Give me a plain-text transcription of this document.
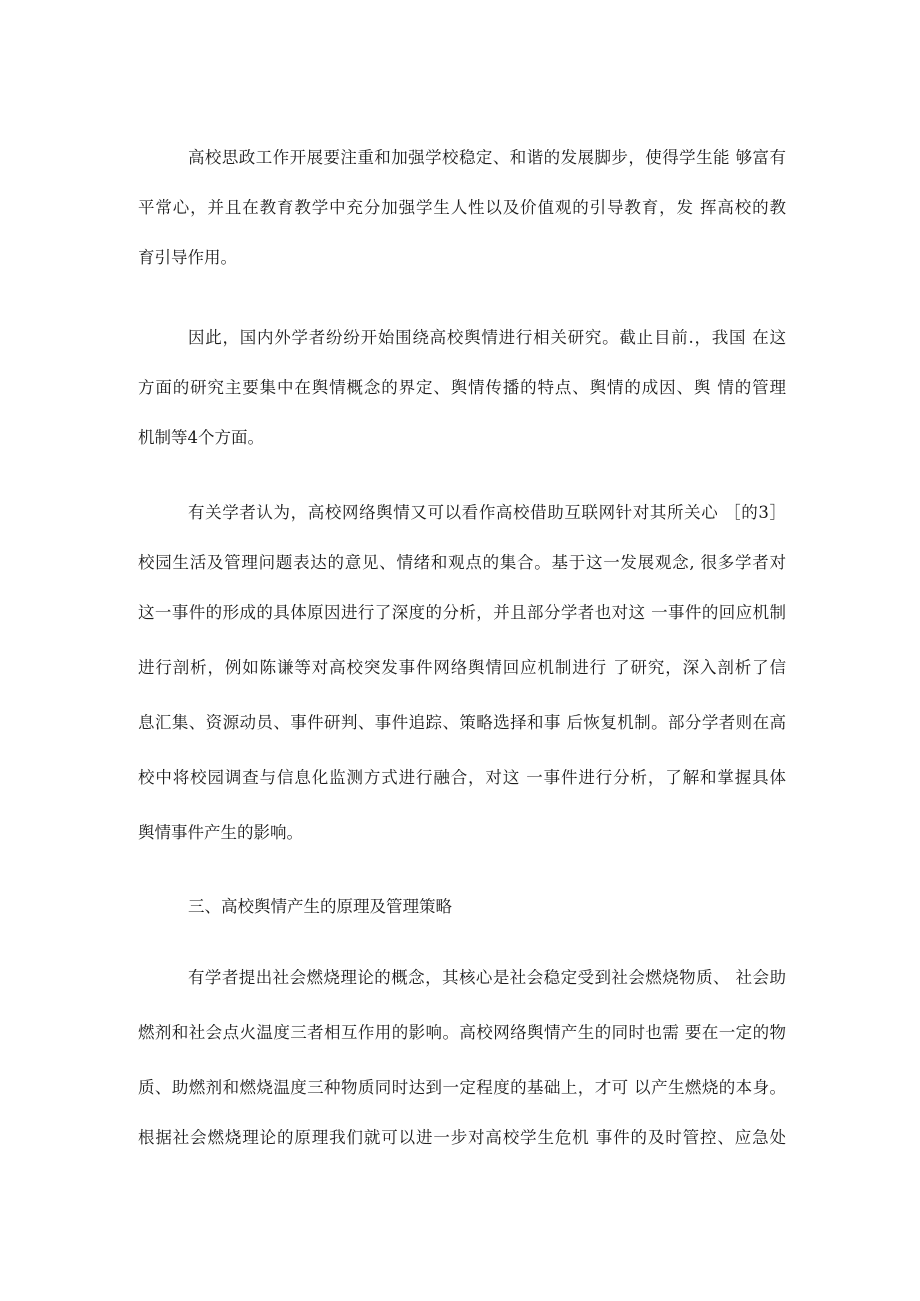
高校思政工作开展要注重和加强学校稳定、和谐的发展脚步，使得学生能 够富有
平常心，并且在教育教学中充分加强学生人性以及价值观的引导教育，发 挥高校的教
育引导作用。
因此，国内外学者纷纷开始围绕高校舆情进行相关研究。截止目前.，我国 在这
方面的研究主要集中在舆情概念的界定、舆情传播的特点、舆情的成因、舆 情的管理
机制等4个方面。
有关学者认为，高校网络舆情又可以看作高校借助互联网针对其所关心 ［的3］
校园生活及管理问题表达的意见、情绪和观点的集合。基于这一发展观念, 很多学者对
这一事件的形成的具体原因进行了深度的分析，并且部分学者也对这 一事件的回应机制
进行剖析，例如陈谦等对高校突发事件网络舆情回应机制进行 了研究，深入剖析了信
息汇集、资源动员、事件研判、事件追踪、策略选择和事 后恢复机制。部分学者则在高
校中将校园调查与信息化监测方式进行融合，对这 一事件进行分析，了解和掌握具体
舆情事件产生的影响。
三、高校舆情产生的原理及管理策略
有学者提出社会燃烧理论的概念，其核心是社会稳定受到社会燃烧物质、 社会助
燃剂和社会点火温度三者相互作用的影响。高校网络舆情产生的同时也需 要在一定的物
质、助燃剂和燃烧温度三种物质同时达到一定程度的基础上，才可 以产生燃烧的本身。
根据社会燃烧理论的原理我们就可以进一步对高校学生危机 事件的及时管控、应急处
